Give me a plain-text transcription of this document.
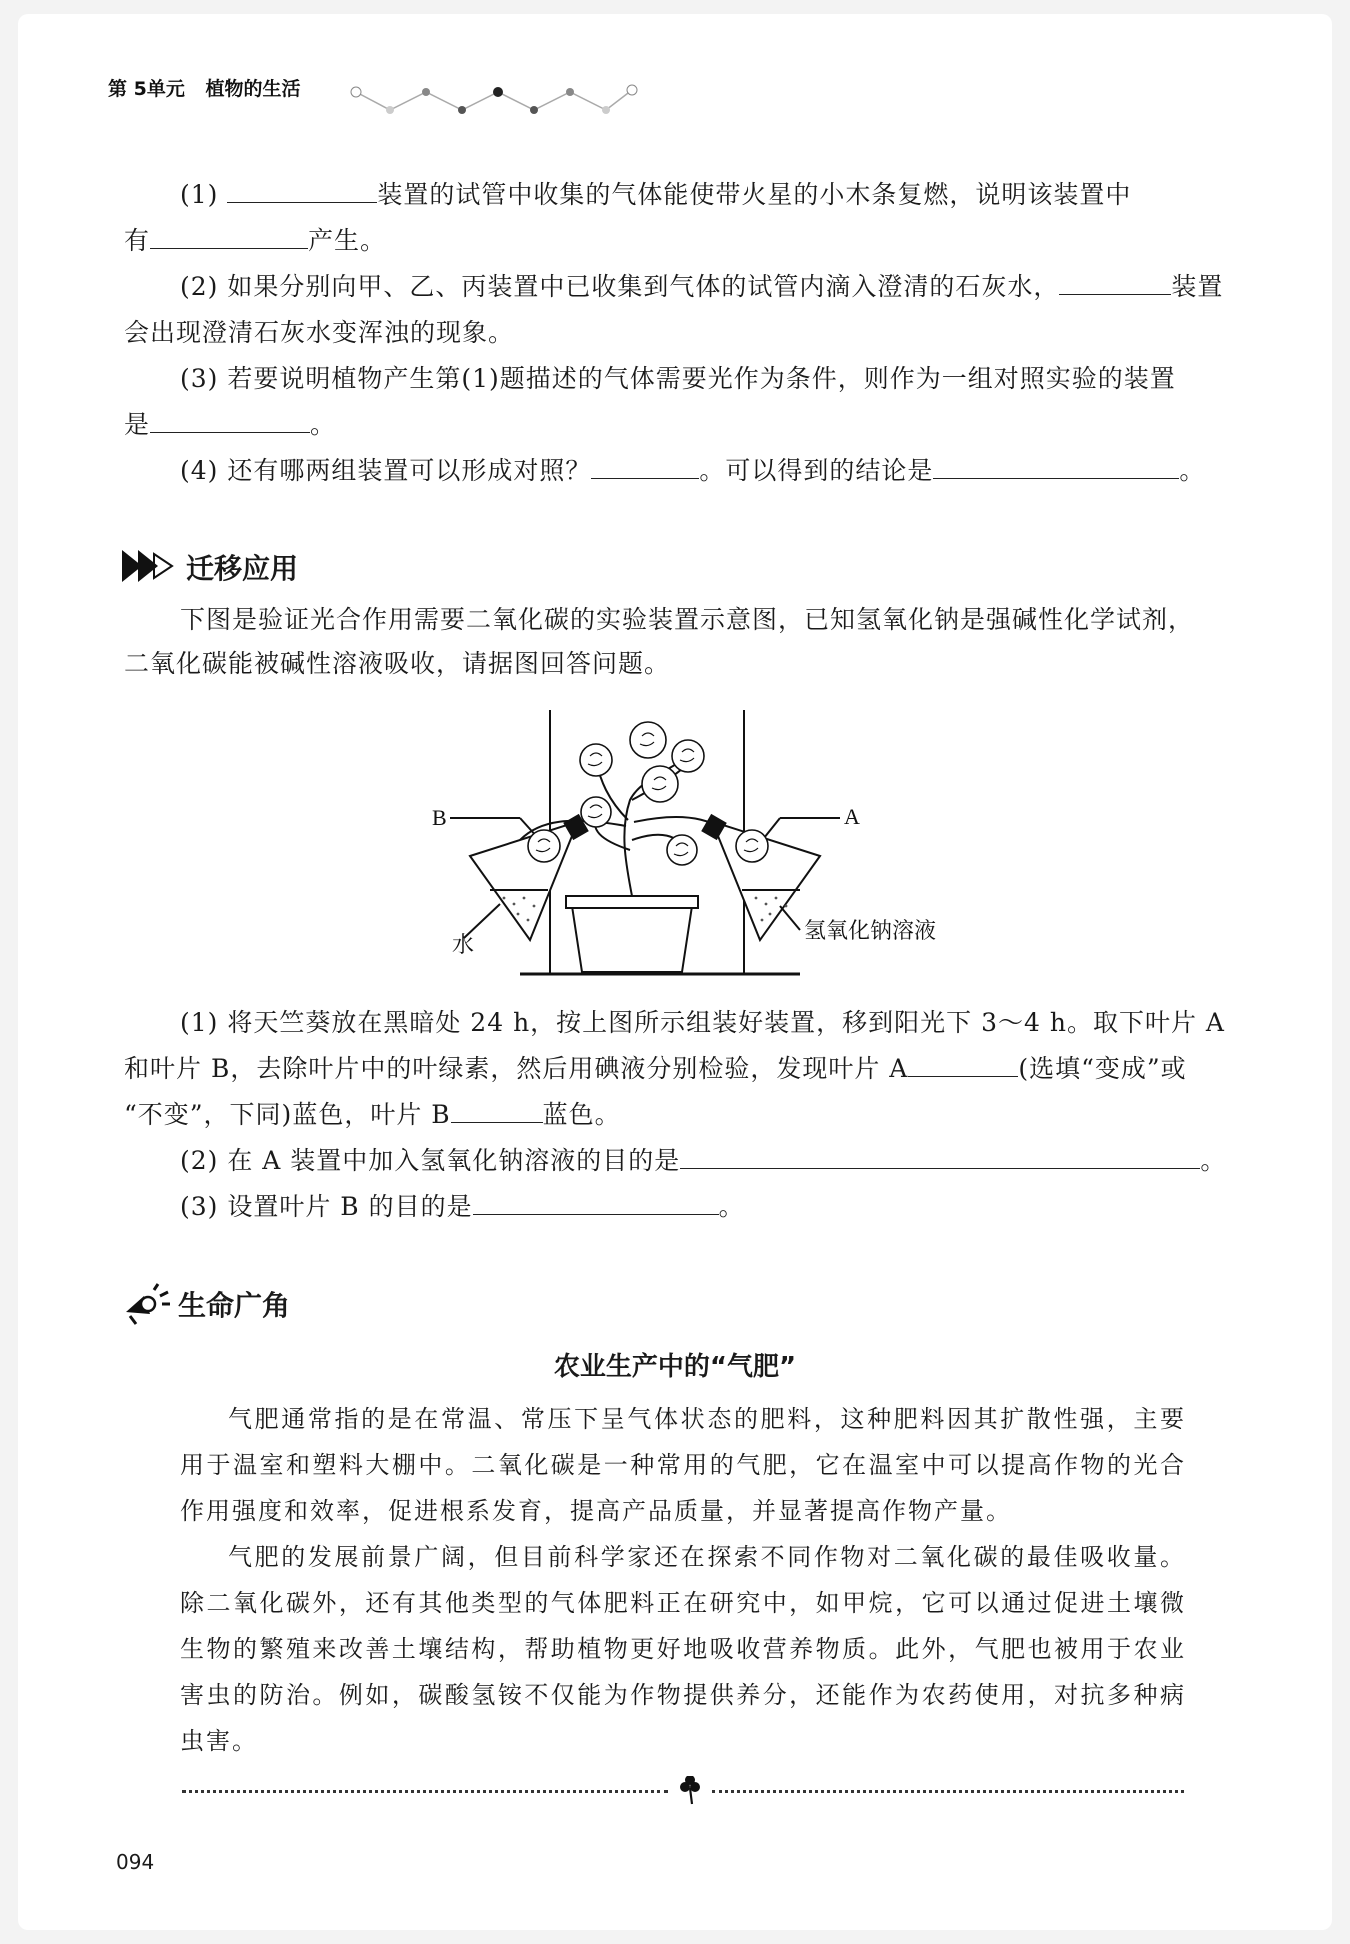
第 5单元 植物的生活
(1)	装置的试管中收集的气体能使带火星的小木条复燃，说明该装置中
有	产生。
(2) 如果分别向甲、乙、丙装置中已收集到气体的试管内滴入澄清的石灰水，	装置
会出现澄清石灰水变浑浊的现象。
(3) 若要说明植物产生第(1)题描述的气体需要光作为条件，则作为一组对照实验的装置
是	。
(4) 还有哪两组装置可以形成对照？	。可以得到的结论是	。
迁移应用
下图是验证光合作用需要二氧化碳的实验装置示意图，已知氢氧化钠是强碱性化学试剂，
二氧化碳能被碱性溶液吸收，请据图回答问题。
B	A
水
氢氧化钠溶液
(1) 将天竺葵放在黑暗处 24 h，按上图所示组装好装置，移到阳光下 3～4 h。取下叶片 A
和叶片 B，去除叶片中的叶绿素，然后用碘液分别检验，发现叶片 A	(选填“变成”或
“不变”，下同)蓝色，叶片 B	蓝色。
(2) 在 A 装置中加入氢氧化钠溶液的目的是	。
(3) 设置叶片 B 的目的是	。
生命广角
农业生产中的“气肥”

气肥通常指的是在常温、常压下呈气体状态的肥料，这种肥料因其扩散性强，主要用于温室和塑料大棚中。二氧化碳是一种常用的气肥，它在温室中可以提高作物的光合作用强度和效率，促进根系发育，提高产品质量，并显著提高作物产量。

气肥的发展前景广阔，但目前科学家还在探索不同作物对二氧化碳的最佳吸收量。除二氧化碳外，还有其他类型的气体肥料正在研究中，如甲烷，它可以通过促进土壤微生物的繁殖来改善土壤结构，帮助植物更好地吸收营养物质。此外，气肥也被用于农业害虫的防治。例如，碳酸氢铵不仅能为作物提供养分，还能作为农药使用，对抗多种病虫害。

094
